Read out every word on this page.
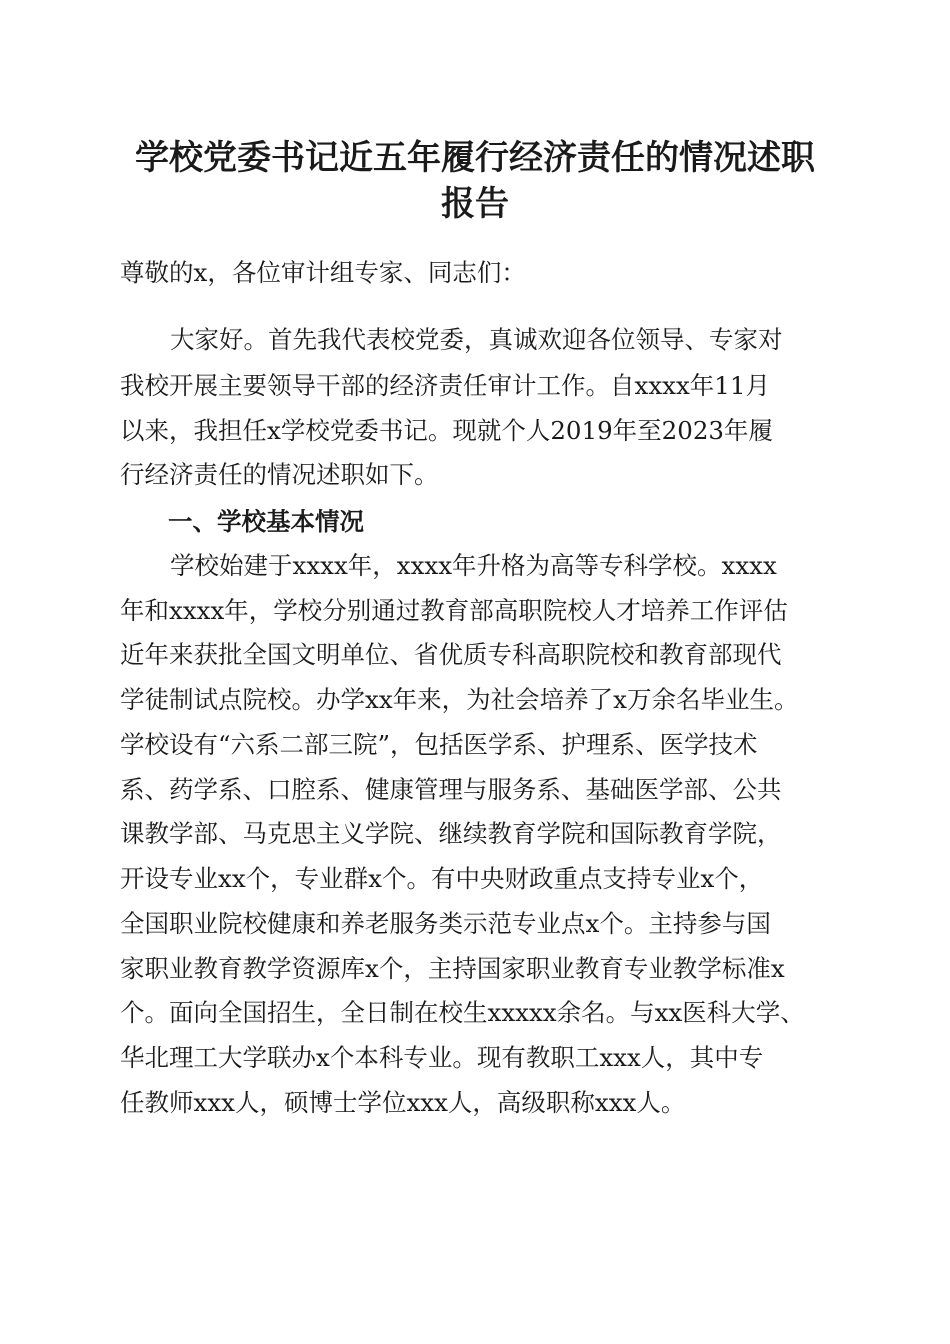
学校党委书记近五年履行经济责任的情况述职
报告

尊敬的x，各位审计组专家、同志们：

大家好。首先我代表校党委，真诚欢迎各位领导、专家对

我校开展主要领导干部的经济责任审计工作。自xxxx年11月

以来，我担任x学校党委书记。现就个人2019年至2023年履

行经济责任的情况述职如下。

一、学校基本情况

学校始建于xxxx年，xxxx年升格为高等专科学校。xxxx

年和xxxx年，学校分别通过教育部高职院校人才培养工作评估

近年来获批全国文明单位、省优质专科高职院校和教育部现代

学徒制试点院校。办学xx年来，为社会培养了x万余名毕业生。

学校设有“六系二部三院”，包括医学系、护理系、医学技术

系、药学系、口腔系、健康管理与服务系、基础医学部、公共

课教学部、马克思主义学院、继续教育学院和国际教育学院，

开设专业xx个，专业群x个。有中央财政重点支持专业x个，

全国职业院校健康和养老服务类示范专业点x个。主持参与国

家职业教育教学资源库x个，主持国家职业教育专业教学标准x

个。面向全国招生，全日制在校生xxxxx余名。与xx医科大学、

华北理工大学联办x个本科专业。现有教职工xxx人，其中专

任教师xxx人，硕博士学位xxx人，高级职称xxx人。
